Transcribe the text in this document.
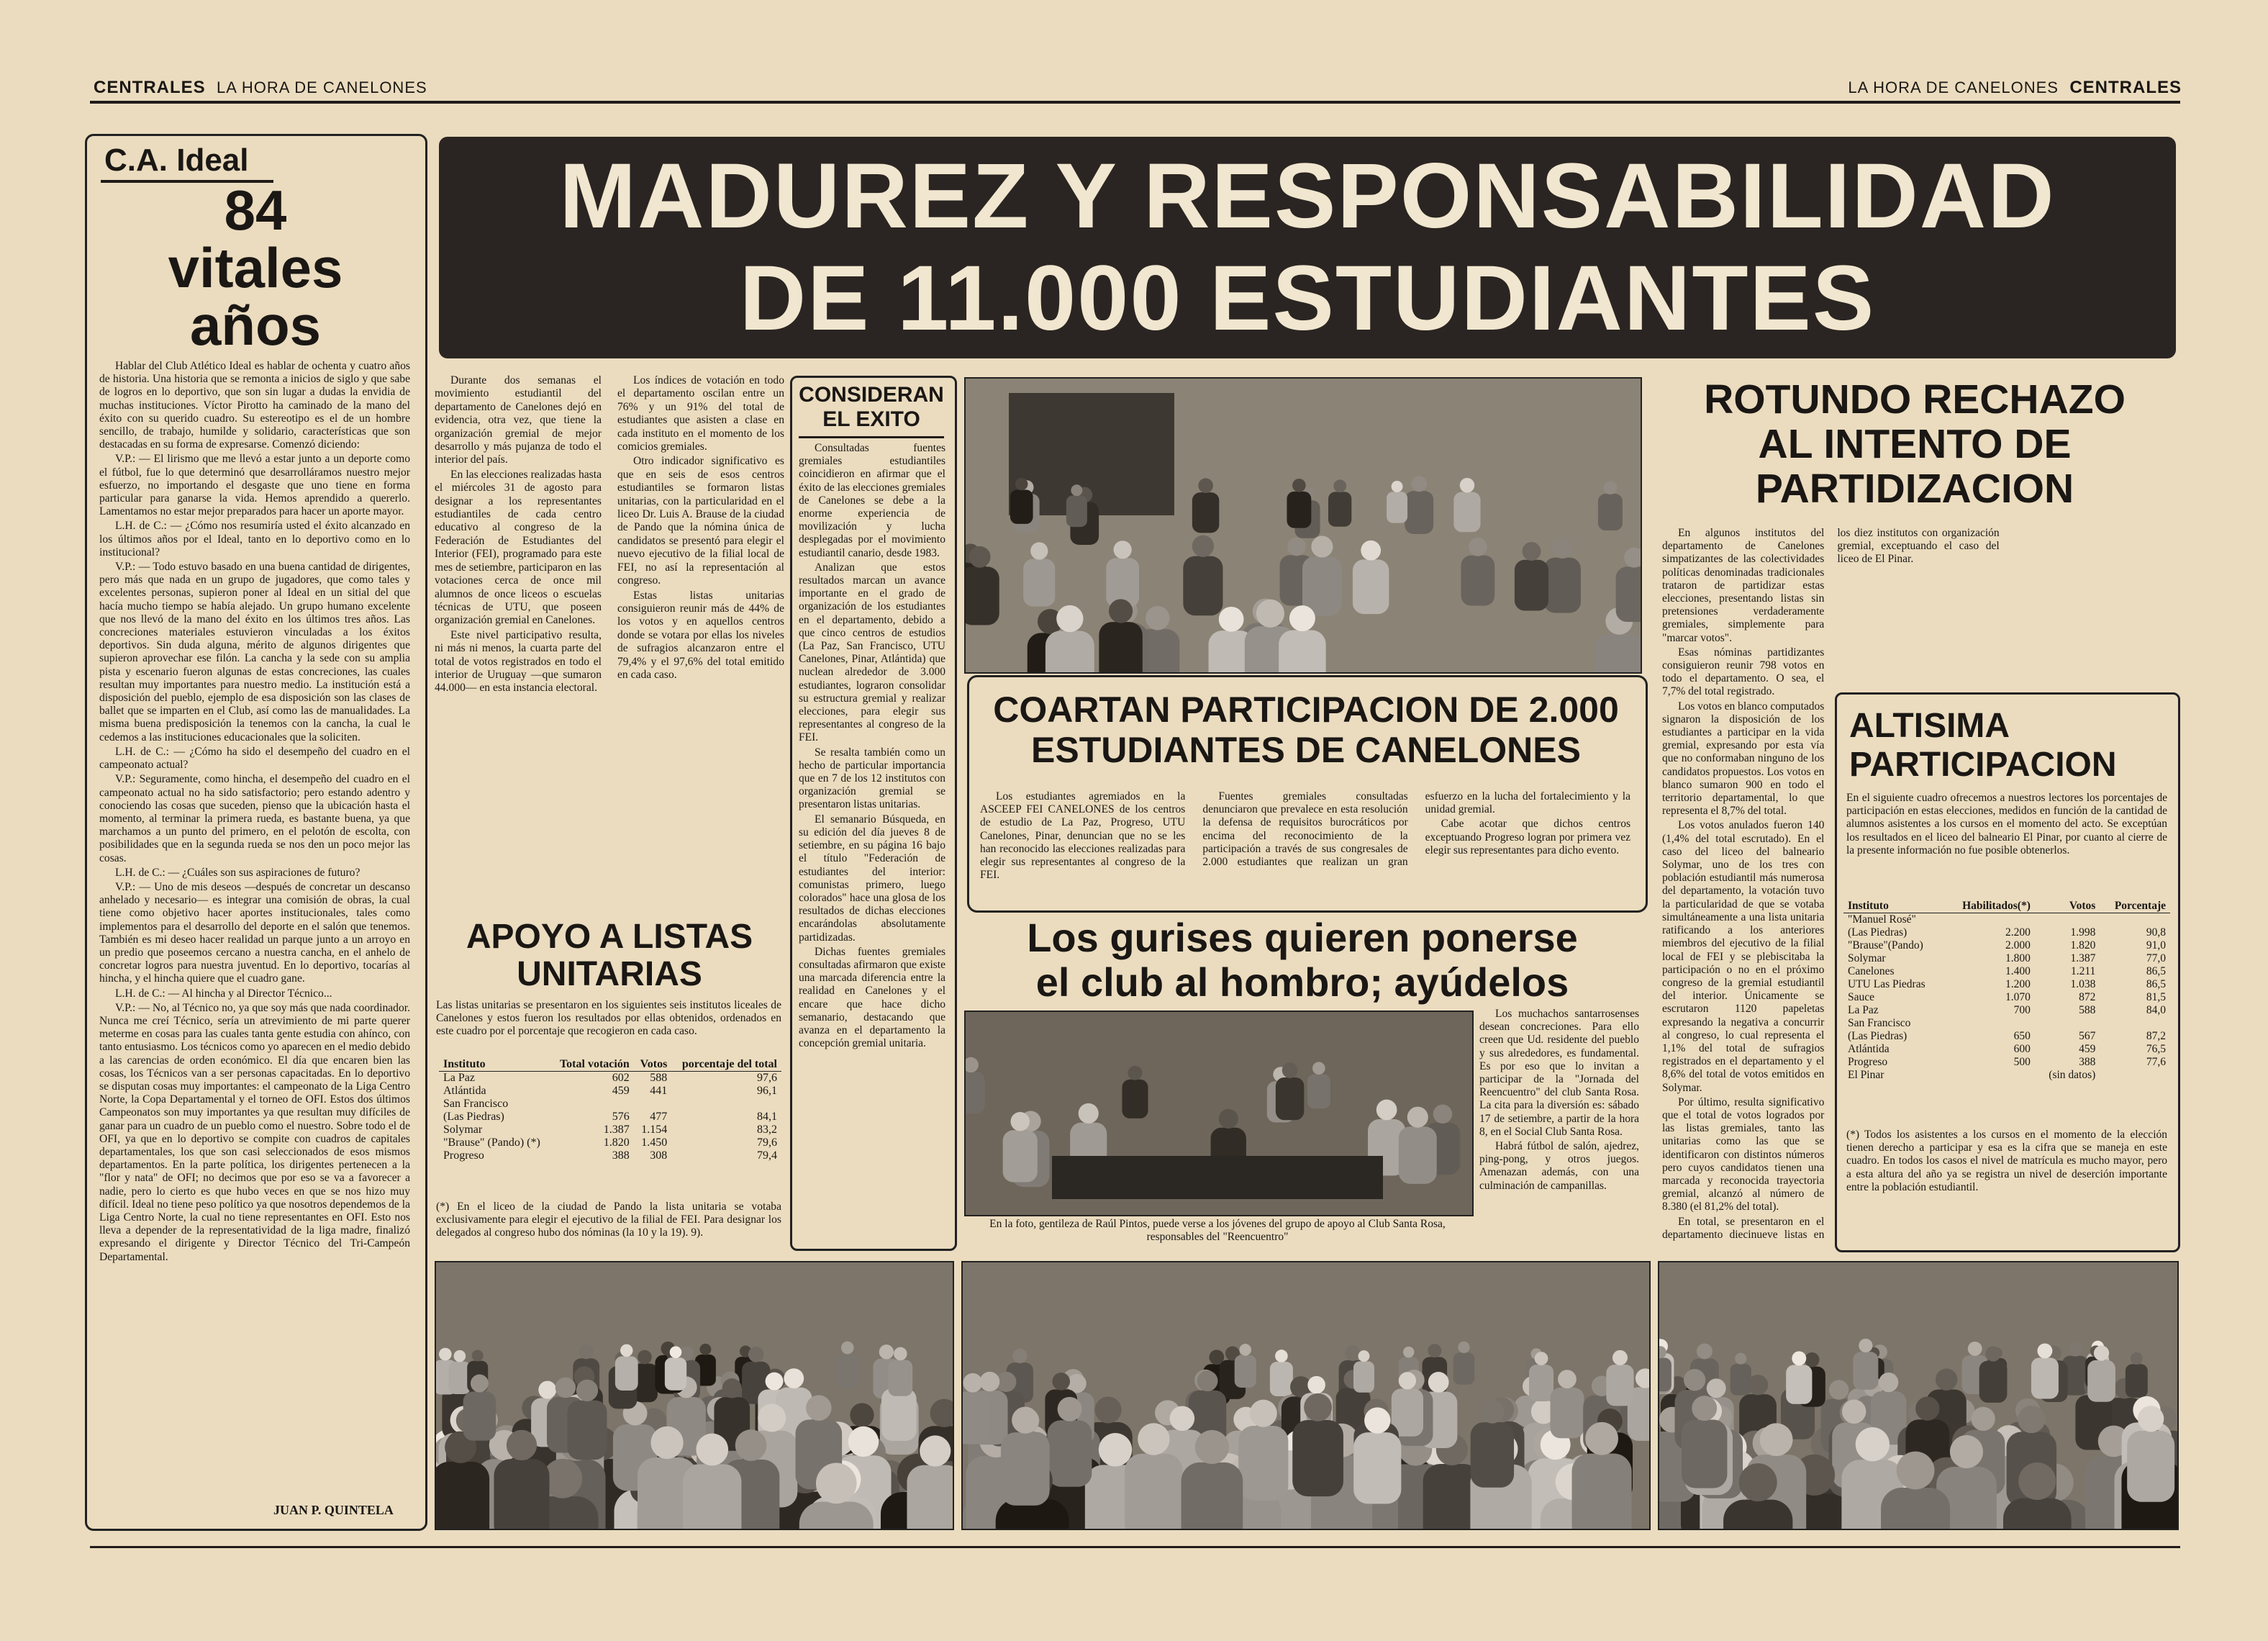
CENTRALES LA HORA DE CANELONES	LA HORA DE CANELONES CENTRALES
C.A. Ideal
84
vitales
años

Hablar del Club Atlético Ideal es hablar de ochenta y cuatro años de historia. Una historia que se remonta a inicios de siglo y que sabe de logros en lo deportivo, que son sin lugar a dudas la envidia de muchas instituciones. Víctor Pirotto ha caminado de la mano del éxito con su querido cuadro. Su estereotipo es el de un hombre sencillo, de trabajo, humilde y solidario, características que son destacadas en su forma de expresarse. Comenzó diciendo:

V.P.: — El lirismo que me llevó a estar junto a un deporte como el fútbol, fue lo que determinó que desarrolláramos nuestro mejor esfuerzo, no importando el desgaste que uno tiene en forma particular para ganarse la vida. Hemos aprendido a quererlo. Lamentamos no estar mejor preparados para hacer un aporte mayor.

L.H. de C.: — ¿Cómo nos resumiría usted el éxito alcanzado en los últimos años por el Ideal, tanto en lo deportivo como en lo institucional?

V.P.: — Todo estuvo basado en una buena cantidad de dirigentes, pero más que nada en un grupo de jugadores, que como tales y excelentes personas, supieron poner al Ideal en un sitial del que hacía mucho tiempo se había alejado. Un grupo humano excelente que nos llevó de la mano del éxito en los últimos tres años. Las concreciones materiales estuvieron vinculadas a los éxitos deportivos. Sin duda alguna, mérito de algunos dirigentes que supieron aprovechar ese filón. La cancha y la sede con su amplia pista y escenario fueron algunas de estas concreciones, las cuales resultan muy importantes para nuestro medio. La institución está a disposición del pueblo, ejemplo de esa disposición son las clases de ballet que se imparten en el Club, así como las de manualidades. La misma buena predisposición la tenemos con la cancha, la cual le cedemos a las instituciones educacionales que la soliciten.

L.H. de C.: — ¿Cómo ha sido el desempeño del cuadro en el campeonato actual?

V.P.: Seguramente, como hincha, el desempeño del cuadro en el campeonato actual no ha sido satisfactorio; pero estando adentro y conociendo las cosas que suceden, pienso que la ubicación hasta el momento, al terminar la primera rueda, es bastante buena, ya que marchamos a un punto del primero, en el pelotón de escolta, con posibilidades que en la segunda rueda se nos den un poco mejor las cosas.

L.H. de C.: — ¿Cuáles son sus aspiraciones de futuro?

V.P.: — Uno de mis deseos —después de concretar un descanso anhelado y necesario— es integrar una comisión de obras, la cual tiene como objetivo hacer aportes institucionales, tales como implementos para el desarrollo del deporte en el salón que tenemos. También es mi deseo hacer realidad un parque junto a un arroyo en un predio que poseemos cercano a nuestra cancha, en el anhelo de concretar logros para nuestra juventud. En lo deportivo, tocarías al hincha, y el hincha quiere que el cuadro gane.

L.H. de C.: — Al hincha y al Director Técnico...

V.P.: — No, al Técnico no, ya que soy más que nada coordinador. Nunca me creí Técnico, sería un atrevimiento de mi parte querer meterme en cosas para las cuales tanta gente estudia con ahínco, con tanto entusiasmo. Los técnicos como yo aparecen en el medio debido a las carencias de orden económico. El día que encaren bien las cosas, los Técnicos van a ser personas capacitadas. En lo deportivo se disputan cosas muy importantes: el campeonato de la Liga Centro Norte, la Copa Departamental y el torneo de OFI. Estos dos últimos Campeonatos son muy importantes ya que resultan muy difíciles de ganar para un cuadro de un pueblo como el nuestro. Sobre todo el de OFI, ya que en lo deportivo se compite con cuadros de capitales departamentales, los que son casi seleccionados de esos mismos departamentos. En la parte política, los dirigentes pertenecen a la "flor y nata" de OFI; no decimos que por eso se va a favorecer a nadie, pero lo cierto es que hubo veces en que se nos hizo muy difícil. Ideal no tiene peso político ya que nosotros dependemos de la Liga Centro Norte, la cual no tiene representantes en OFI. Esto nos lleva a depender de la representatividad de la liga madre, finalizó expresando el dirigente y Director Técnico del Tri-Campeón Departamental.

JUAN P. QUINTELA
MADUREZ Y RESPONSABILIDAD
DE 11.000 ESTUDIANTES

Durante dos semanas el movimiento estudiantil del departamento de Canelones dejó en evidencia, otra vez, que tiene la organización gremial de mejor desarrollo y más pujanza de todo el interior del país.

En las elecciones realizadas hasta el miércoles 31 de agosto para designar a los representantes estudiantiles de cada centro educativo al congreso de la Federación de Estudiantes del Interior (FEI), programado para este mes de setiembre, participaron en las votaciones cerca de once mil alumnos de once liceos o escuelas técnicas de UTU, que poseen organización gremial en Canelones.

Este nivel participativo resulta, ni más ni menos, la cuarta parte del total de votos registrados en todo el interior de Uruguay —que sumaron 44.000— en esta instancia electoral.

Los índices de votación en todo el departamento oscilan entre un 76% y un 91% del total de estudiantes que asisten a clase en cada instituto en el momento de los comicios gremiales.

Otro indicador significativo es que en seis de esos centros estudiantiles se formaron listas unitarias, con la particularidad en el liceo Dr. Luis A. Brause de la ciudad de Pando que la nómina única de candidatos se presentó para elegir el nuevo ejecutivo de la filial local de FEI, no así la representación al congreso.

Estas listas unitarias consiguieron reunir más de 44% de los votos y en aquellos centros donde se votara por ellas los niveles de sufragios alcanzaron entre el 79,4% y el 97,6% del total emitido en cada caso.

CONSIDERAN EL EXITO

Consultadas fuentes gremiales estudiantiles coincidieron en afirmar que el éxito de las elecciones gremiales de Canelones se debe a la enorme experiencia de movilización y lucha desplegadas por el movimiento estudiantil canario, desde 1983.

Analizan que estos resultados marcan un avance importante en el grado de organización de los estudiantes en el departamento, debido a que cinco centros de estudios (La Paz, San Francisco, UTU Canelones, Pinar, Atlántida) que nuclean alrededor de 3.000 estudiantes, lograron consolidar su estructura gremial y realizar elecciones, para elegir sus representantes al congreso de la FEI.

Se resalta también como un hecho de particular importancia que en 7 de los 12 institutos con organización gremial se presentaron listas unitarias.

El semanario Búsqueda, en su edición del día jueves 8 de setiembre, en su página 16 bajo el título "Federación de estudiantes del interior: comunistas primero, luego colorados" hace una glosa de los resultados de dichas elecciones encarándolas absolutamente partidizadas.

Dichas fuentes gremiales consultadas afirmaron que existe una marcada diferencia entre la realidad en Canelones y el encare que hace dicho semanario, destacando que avanza en el departamento la concepción gremial unitaria.

APOYO A LISTAS
UNITARIAS
Las listas unitarias se presentaron en los siguientes seis institutos liceales de Canelones y estos fueron los resultados por ellas obtenidos, ordenados en este cuadro por el porcentaje que recogieron en cada caso.
Instituto	Total votación	Votos	porcentaje del total
La Paz	602	588	97,6
Atlántida	459	441	96,1
San Francisco			
(Las Piedras)	576	477	84,1
Solymar	1.387	1.154	83,2
"Brause" (Pando) (*)	1.820	1.450	79,6
Progreso	388	308	79,4
(*) En el liceo de la ciudad de Pando la lista unitaria se votaba exclusivamente para elegir el ejecutivo de la filial de FEI. Para designar los delegados al congreso hubo dos nóminas (la 10 y la 19). 9).
COARTAN PARTICIPACION DE 2.000
ESTUDIANTES DE CANELONES

Los estudiantes agremiados en la ASCEEP FEI CANELONES de los centros de estudio de La Paz, Progreso, UTU Canelones, Pinar, denuncian que no se les han reconocido las elecciones realizadas para elegir sus representantes al congreso de la FEI.

Fuentes gremiales consultadas denunciaron que prevalece en esta resolución la defensa de requisitos burocráticos por encima del reconocimiento de la participación a través de sus congresales de 2.000 estudiantes que realizan un gran esfuerzo en la lucha del fortalecimiento y la unidad gremial.

Cabe acotar que dichos centros exceptuando Progreso logran por primera vez elegir sus representantes para dicho evento.

Los gurises quieren ponerse
el club al hombro; ayúdelos
En la foto, gentileza de Raúl Pintos, puede verse a los jóvenes del grupo de apoyo al Club Santa Rosa, responsables del "Reencuentro"

Los muchachos santarrosenses desean concreciones. Para ello creen que Ud. residente del pueblo y sus alrededores, es fundamental. Es por eso que lo invitan a participar de la "Jornada del Reencuentro" del club Santa Rosa. La cita para la diversión es: sábado 17 de setiembre, a partir de la hora 8, en el Social Club Santa Rosa.

Habrá fútbol de salón, ajedrez, ping-pong, y otros juegos. Amenazan además, con una culminación de campanillas.

ROTUNDO RECHAZO
AL INTENTO DE
PARTIDIZACION

En algunos institutos del departamento de Canelones simpatizantes de las colectividades políticas denominadas tradicionales trataron de partidizar estas elecciones, presentando listas sin pretensiones verdaderamente gremiales, simplemente para "marcar votos".

Esas nóminas partidizantes consiguieron reunir 798 votos en todo el departamento. O sea, el 7,7% del total registrado.

Los votos en blanco computados signaron la disposición de los estudiantes a participar en la vida gremial, expresando por esta vía que no conformaban ninguno de los candidatos propuestos. Los votos en blanco sumaron 900 en todo el territorio departamental, lo que representa el 8,7% del total.

Los votos anulados fueron 140 (1,4% del total escrutado). En el caso del liceo del balneario Solymar, uno de los tres con población estudiantil más numerosa del departamento, la votación tuvo la particularidad de que se votaba simultáneamente a una lista unitaria ratificando a los anteriores miembros del ejecutivo de la filial local de FEI y se plebiscitaba la participación o no en el próximo congreso de la gremial estudiantil del interior. Únicamente se escrutaron 1120 papeletas expresando la negativa a concurrir al congreso, lo cual representa el 1,1% del total de sufragios registrados en el departamento y el 8,6% del total de votos emitidos en Solymar.

Por último, resulta significativo que el total de votos logrados por las listas gremiales, tanto las unitarias como las que se identificaron con distintos números pero cuyos candidatos tienen una marcada y reconocida trayectoria gremial, alcanzó al número de 8.380 (el 81,2% del total).

En total, se presentaron en el departamento diecinueve listas en los diez institutos con organización gremial, exceptuando el caso del liceo de El Pinar.

ALTISIMA
PARTICIPACION
En el siguiente cuadro ofrecemos a nuestros lectores los porcentajes de participación en estas elecciones, medidos en función de la cantidad de alumnos asistentes a los cursos en el momento del acto. Se exceptúan los resultados en el liceo del balneario El Pinar, por cuanto al cierre de la presente información no fue posible obtenerlos.
Instituto	Habilitados(*)	Votos	Porcentaje
"Manuel Rosé"			
(Las Piedras)	2.200	1.998	90,8
"Brause"(Pando)	2.000	1.820	91,0
Solymar	1.800	1.387	77,0
Canelones	1.400	1.211	86,5
UTU Las Piedras	1.200	1.038	86,5
Sauce	1.070	872	81,5
La Paz	700	588	84,0
San Francisco			
(Las Piedras)	650	567	87,2
Atlántida	600	459	76,5
Progreso	500	388	77,6
El Pinar		(sin datos)	
(*) Todos los asistentes a los cursos en el momento de la elección tienen derecho a participar y esa es la cifra que se maneja en este cuadro. En todos los casos el nivel de matrícula es mucho mayor, pero a esta altura del año ya se registra un nivel de deserción importante entre la población estudiantil.
